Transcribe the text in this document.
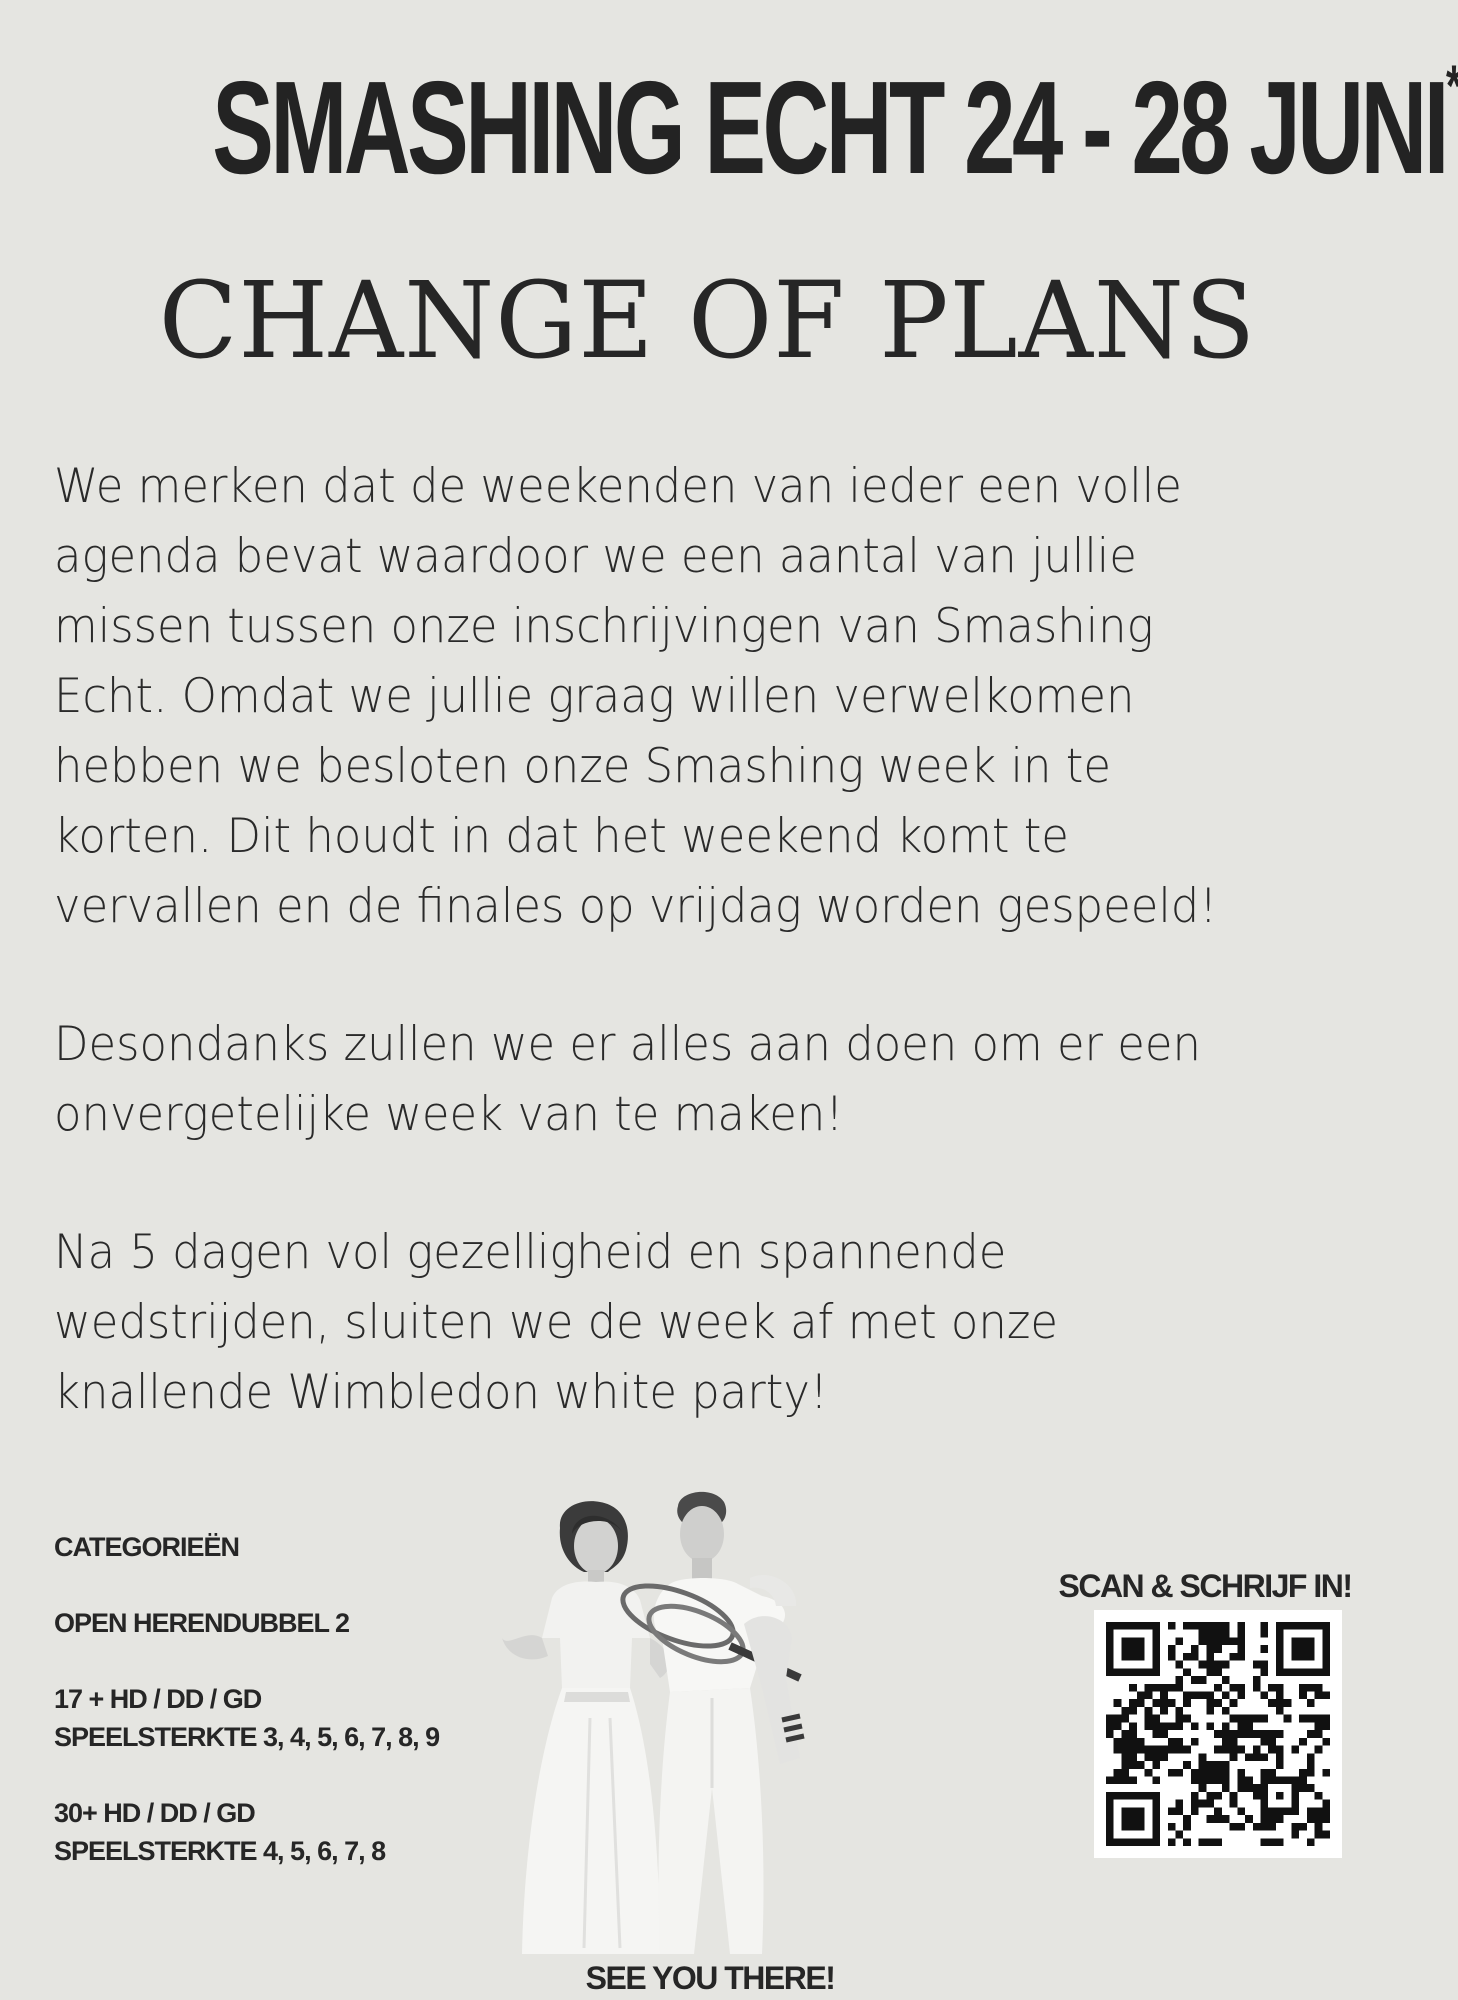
SMASHING ECHT 24 - 28 JUNI*
CHANGE OF PLANS
We merken dat de weekenden van ieder een volle
agenda bevat waardoor we een aantal van jullie
missen tussen onze inschrijvingen van Smashing
Echt. Omdat we jullie graag willen verwelkomen
hebben we besloten onze Smashing week in te
korten. Dit houdt in dat het weekend komt te
vervallen en de finales op vrijdag worden gespeeld!
Desondanks zullen we er alles aan doen om er een
onvergetelijke week van te maken!
Na 5 dagen vol gezelligheid en spannende
wedstrijden, sluiten we de week af met onze
knallende Wimbledon white party!
CATEGORIEËN
OPEN HERENDUBBEL 2
17 + HD / DD / GD
SPEELSTERKTE 3, 4, 5, 6, 7, 8, 9
30+ HD / DD / GD
SPEELSTERKTE 4, 5, 6, 7, 8
SCAN & SCHRIJF IN!
SEE YOU THERE!
